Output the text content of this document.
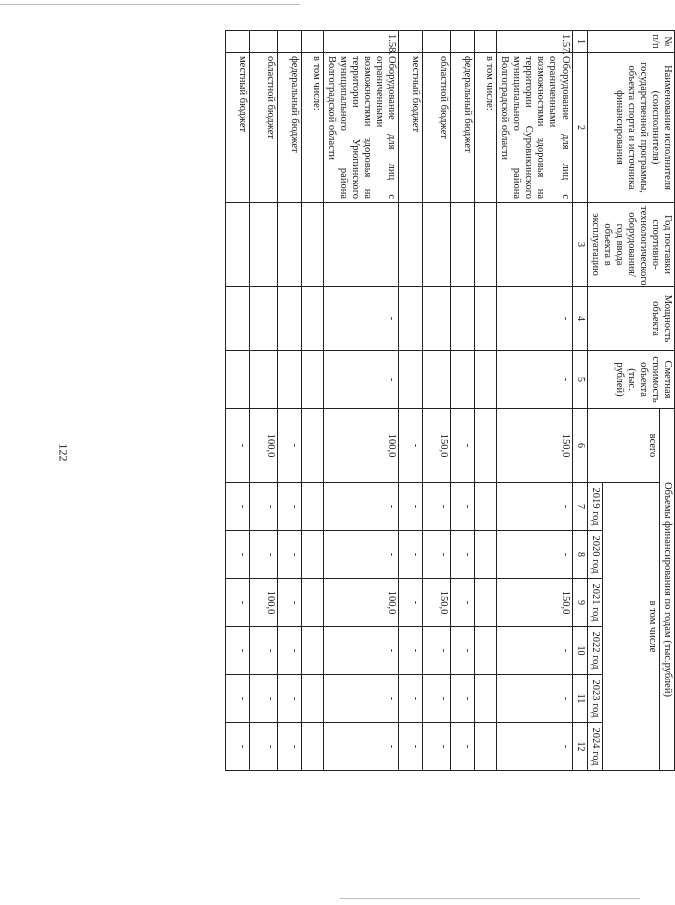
122
№
п/п	Наименование исполнителя (соисполнителя) государственной программы, объекта спорта и источника финансирования	Год поставки спортивно-технологического оборудования/ год ввода объекта в эксплуатацию	Мощность объекта	Сметная стоимость объекта (тыс. рублей)	Объемы финансирования по годам (тыс.рублей)						
					всего	в том числе					
						2019 год	2020 год	2021 год	2022 год	2023 год	2024 год
1	2	3	4	5	6	7	8	9	10	11	12
1.57.	Оборудование для лиц с ограниченными возможностями здоровья на территории Суровикинского муниципального района Волгоградской области		-	-	150,0	-	-	150,0	-	-	-
	в том числе:										
	федеральный бюджет				-	-	-	-	-	-	-
	областной бюджет				150,0	-	-	150,0	-	-	-
	местный бюджет				-	-	-	-	-	-	-
1.58.	Оборудование для лиц с ограниченными возможностями здоровья на территории Урюпинского муниципального района Волгоградской области		-	-	100,0	-	-	100,0	-	-	-
	в том числе:										
	федеральный бюджет				-	-	-	-	-	-	-
	областной бюджет				100,0	-	-	100,0	-	-	-
	местный бюджет				-	-	-	-	-	-	-
